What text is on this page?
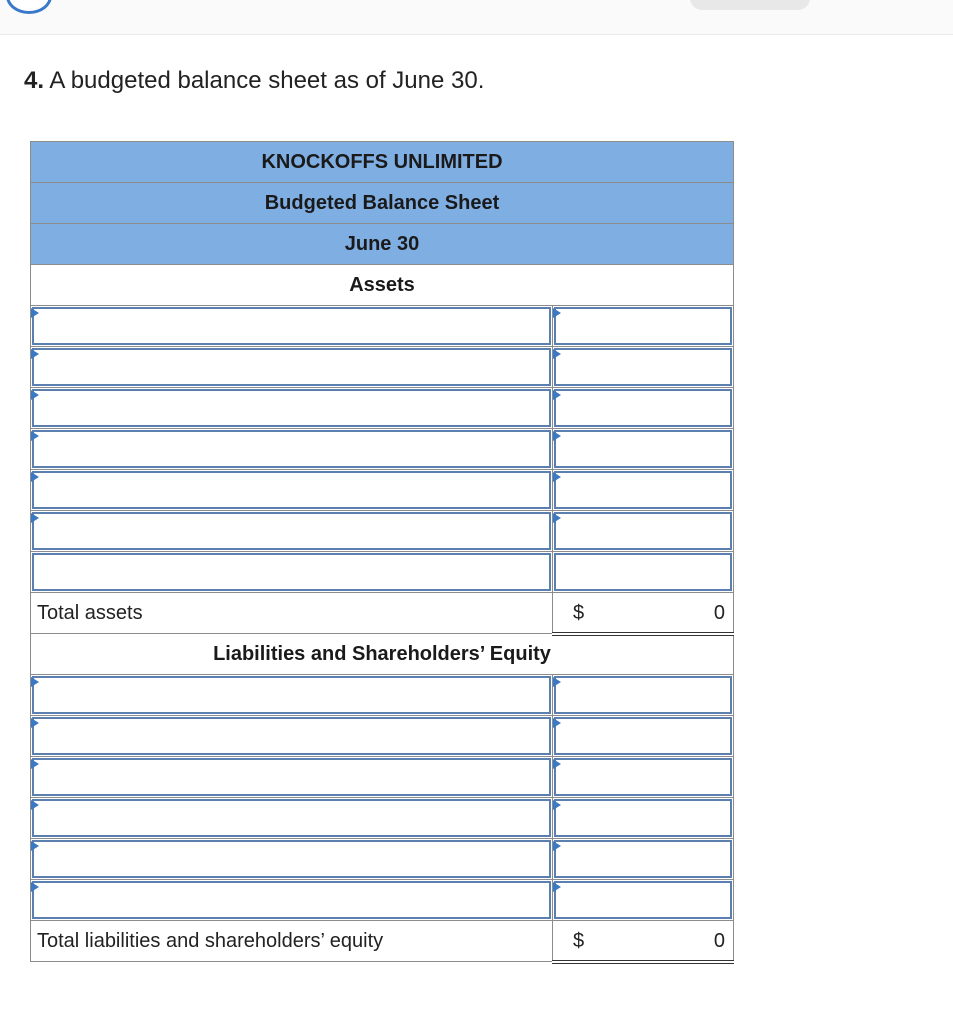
4. A budgeted balance sheet as of June 30.
KNOCKOFFS UNLIMITED	
Budgeted Balance Sheet	
June 30	
Assets	

Total assets	$ 0

Liabilities and Shareholders’ Equity	

Total liabilities and shareholders’ equity	$ 0
